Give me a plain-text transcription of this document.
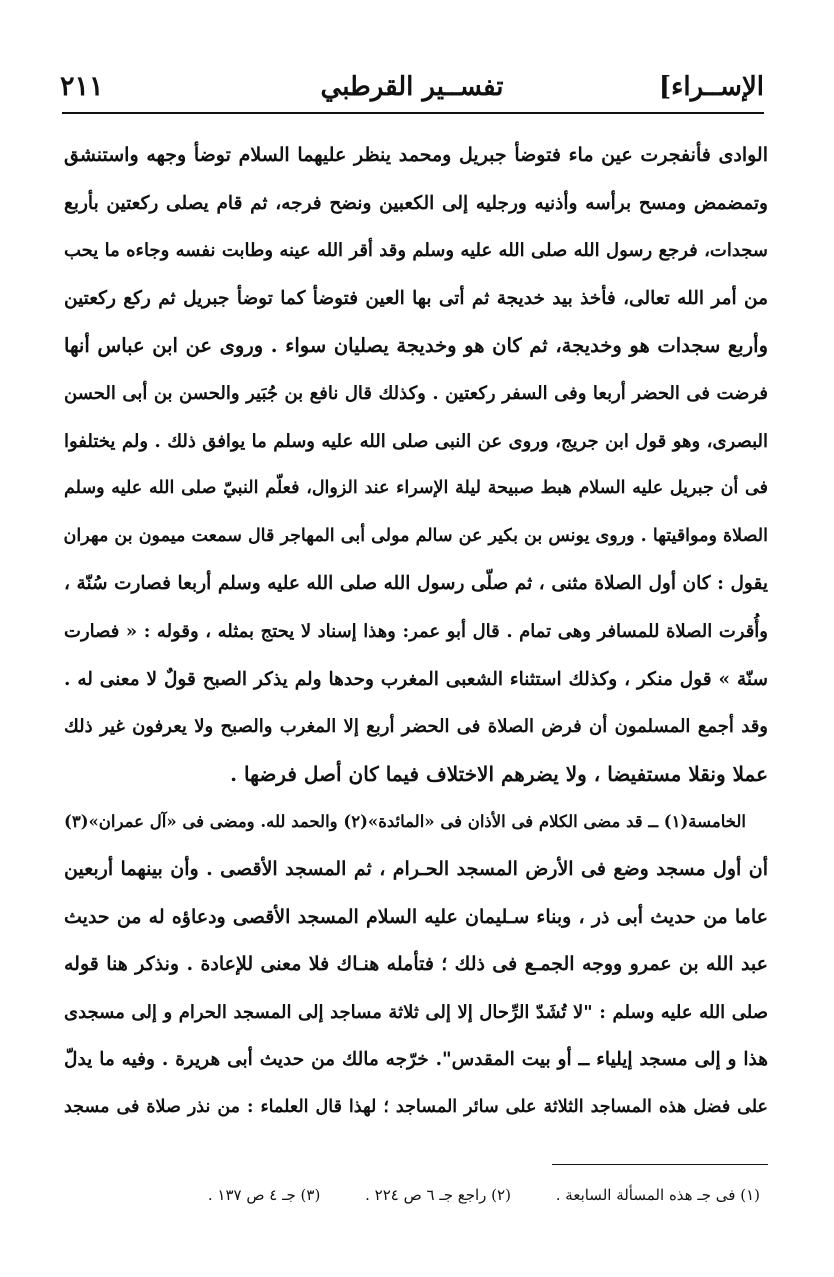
الإســراء]
تفســير القرطبي
٢١١
الوادى فأنفجرت عين ماء فتوضأ جبريل ومحمد ينظر عليهما السلام توضأ وجهه واستنشق
وتمضمض ومسح برأسه وأذنيه ورجليه إلى الكعبين ونضح فرجه، ثم قام يصلى ركعتين بأربع
سجدات، فرجع رسول الله صلى الله عليه وسلم وقد أقر الله عينه وطابت نفسه وجاءه ما يحب
من أمر الله تعالى، فأخذ بيد خديجة ثم أتى بها العين فتوضأ كما توضأ جبريل ثم ركع ركعتين
وأربع سجدات هو وخديجة، ثم كان هو وخديجة يصليان سواء . وروى عن ابن عباس أنها
فرضت فى الحضر أربعا وفى السفر ركعتين . وكذلك قال نافع بن جُبَير والحسن بن أبى الحسن
البصرى، وهو قول ابن جريج، وروى عن النبى صلى الله عليه وسلم ما يوافق ذلك . ولم يختلفوا
فى أن جبريل عليه السلام هبط صبيحة ليلة الإسراء عند الزوال، فعلّم النبيّ صلى الله عليه وسلم
الصلاة ومواقيتها . وروى يونس بن بكير عن سالم مولى أبى المهاجر قال سمعت ميمون بن مهران
يقول : كان أول الصلاة مثنى ، ثم صلّى رسول الله صلى الله عليه وسلم أربعا فصارت سُنّة ،
وأُقرت الصلاة للمسافر وهى تمام . قال أبو عمر: وهذا إسناد لا يحتج بمثله ، وقوله : « فصارت
سنّة » قول منكر ، وكذلك استثناء الشعبى المغرب وحدها ولم يذكر الصبح قولٌ لا معنى له .
وقد أجمع المسلمون أن فرض الصلاة فى الحضر أربع إلا المغرب والصبح ولا يعرفون غير ذلك
عملا ونقلا مستفيضا ، ولا يضرهم الاختلاف فيما كان أصل فرضها .
الخامسة(١) ــ قد مضى الكلام فى الأذان فى «المائدة»(٢) والحمد لله. ومضى فى «آل عمران»(٣)
أن أول مسجد وضع فى الأرض المسجد الحـرام ، ثم المسجد الأقصى . وأن بينهما أربعين
عاما من حديث أبى ذر ، وبناء سـليمان عليه السلام المسجد الأقصى ودعاؤه له من حديث
عبد الله بن عمرو ووجه الجمـع فى ذلك ؛ فتأمله هنـاك فلا معنى للإعادة . ونذكر هنا قوله
صلى الله عليه وسلم : "لا تُشَدّ الرِّحال إلا إلى ثلاثة مساجد إلى المسجد الحرام و إلى مسجدى
هذا و إلى مسجد إيلياء ــ أو بيت المقدس". خرّجه مالك من حديث أبى هريرة . وفيه ما يدلّ
على فضل هذه المساجد الثلاثة على سائر المساجد ؛ لهذا قال العلماء : من نذر صلاة فى مسجد
(١) فى جـ هذه المسألة السابعة . (٢) راجع جـ ٦ ص ٢٢٤ . (٣) جـ ٤ ص ١٣٧ .
